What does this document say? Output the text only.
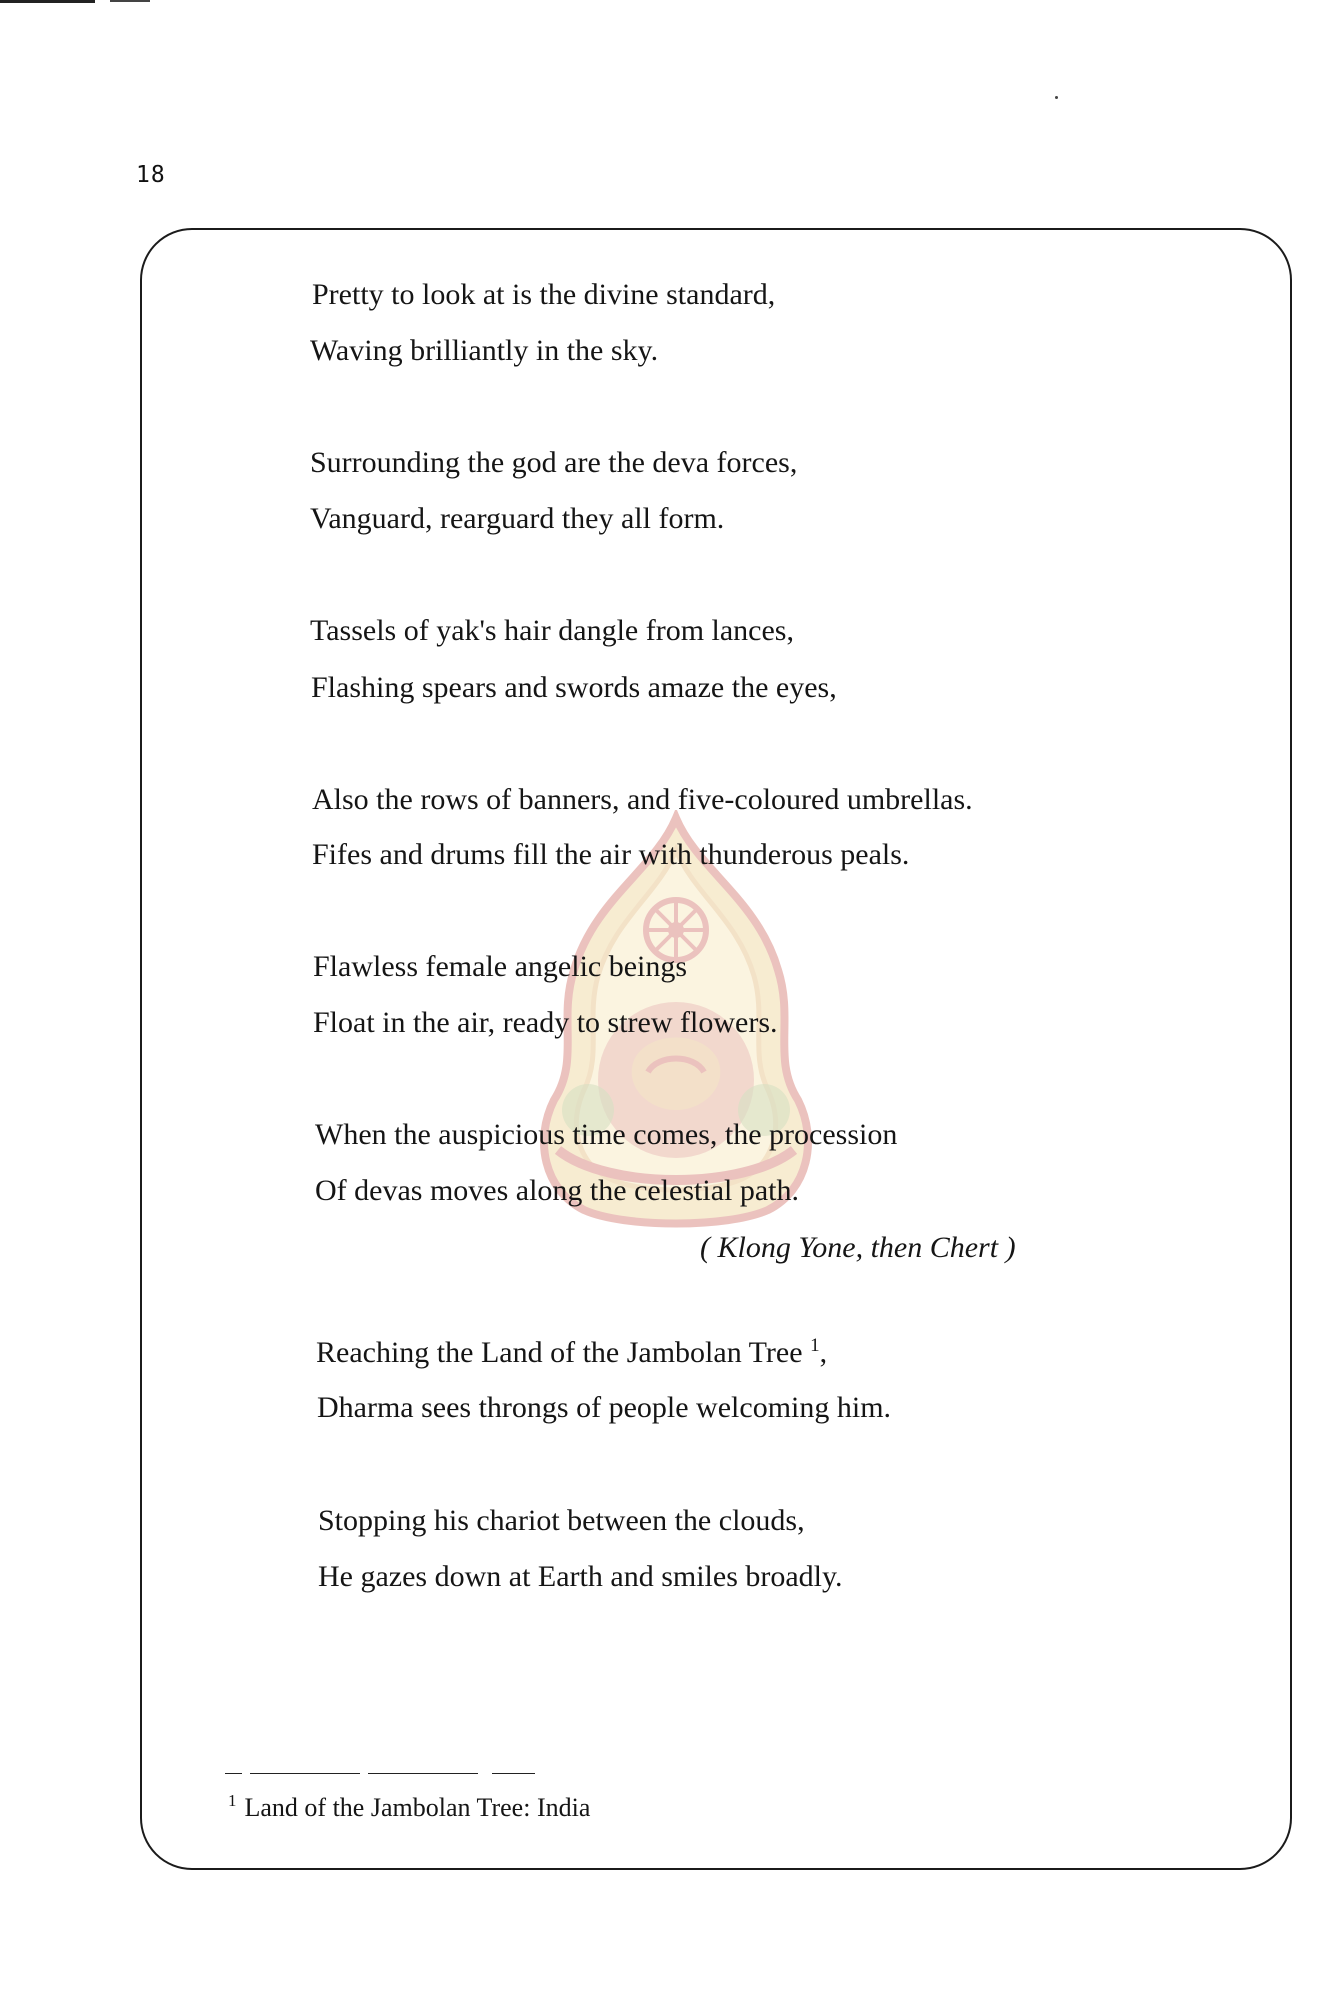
18
Pretty to look at is the divine standard,
Waving brilliantly in the sky.
Surrounding the god are the deva forces,
Vanguard, rearguard they all form.
Tassels of yak's hair dangle from lances,
Flashing spears and swords amaze the eyes,
Also the rows of banners, and five-coloured umbrellas.
Fifes and drums fill the air with thunderous peals.
Flawless female angelic beings
Float in the air, ready to strew flowers.
When the auspicious time comes, the procession
Of devas moves along the celestial path.
( Klong Yone, then Chert )
Reaching the Land of the Jambolan Tree $^1$,
Dharma sees throngs of people welcoming him.
Stopping his chariot between the clouds,
He gazes down at Earth and smiles broadly.
$^1$ Land of the Jambolan Tree: India
